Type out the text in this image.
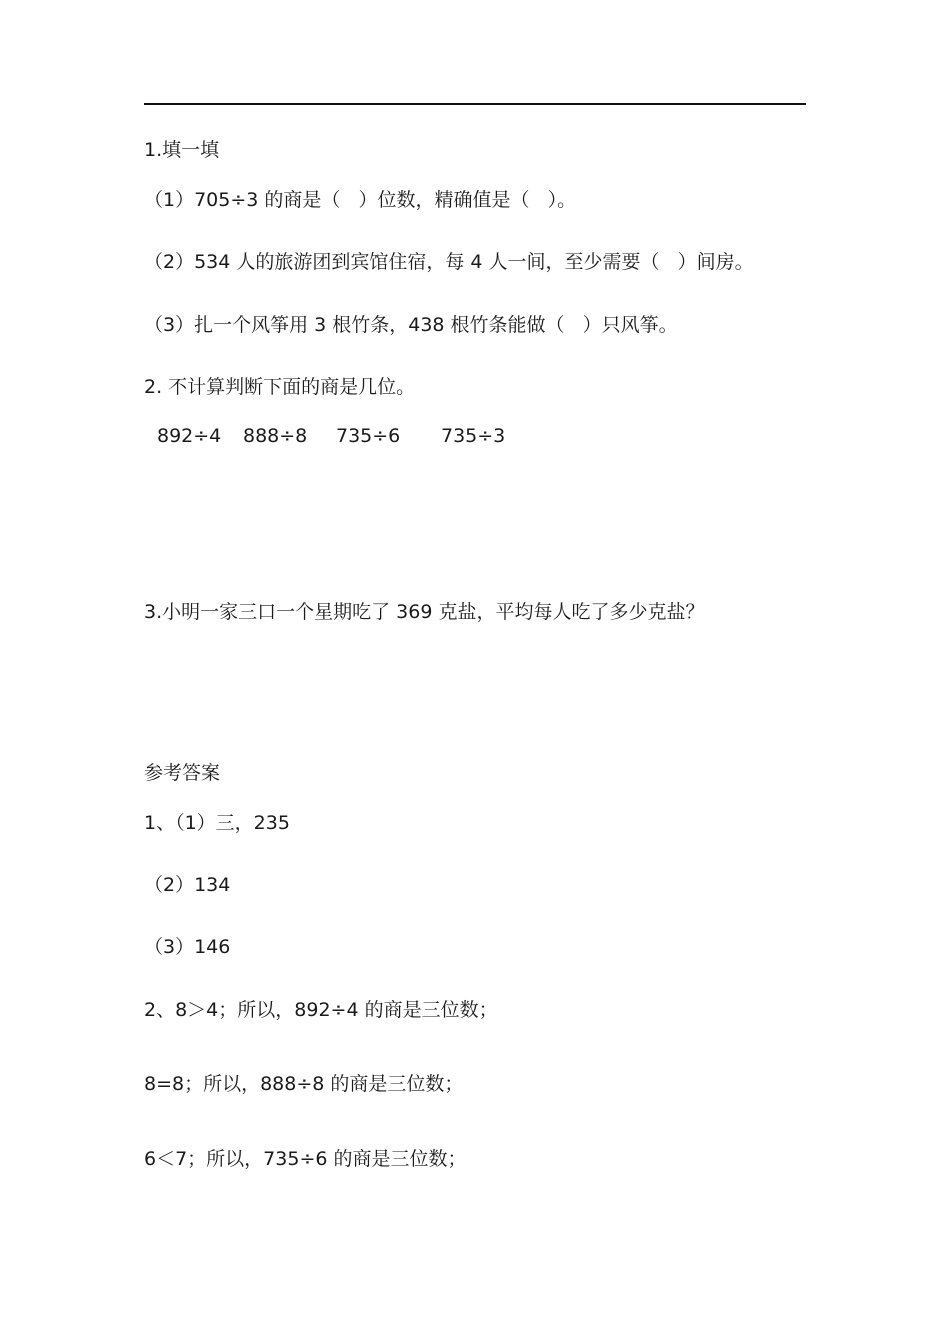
1.填一填
（1）705÷3 的商是（   ）位数，精确值是（   ）。
（2）534 人的旅游团到宾馆住宿，每 4 人一间，至少需要（   ）间房。
（3）扎一个风筝用 3 根竹条，438 根竹条能做（   ）只风筝。
2. 不计算判断下面的商是几位。
892÷4 888÷8 735÷6 735÷3
3.小明一家三口一个星期吃了 369 克盐，平均每人吃了多少克盐？
参考答案
1、（1）三，235
（2）134
（3）146
2、8＞4；所以，892÷4 的商是三位数；
8=8；所以，888÷8 的商是三位数；
6＜7；所以，735÷6 的商是三位数；
